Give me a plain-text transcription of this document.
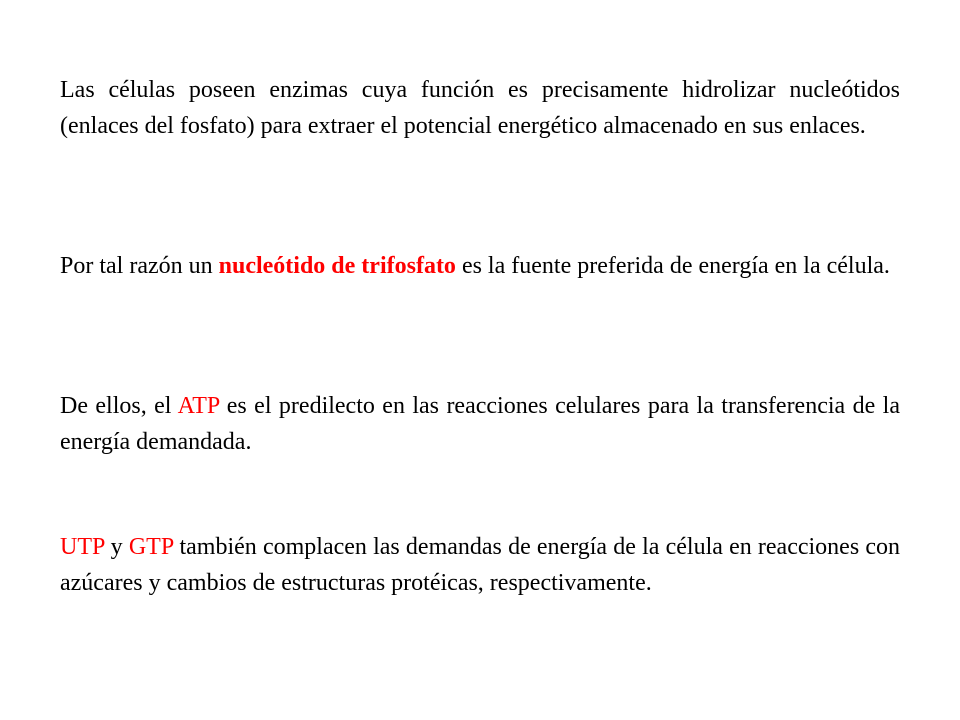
Las células poseen enzimas cuya función es precisamente hidrolizar nucleótidos (enlaces del fosfato) para extraer el potencial energético almacenado en sus enlaces.

Por tal razón un nucleótido de trifosfato es la fuente preferida de energía en la célula.

De ellos, el ATP es el predilecto en las reacciones celulares para la transferencia de la energía demandada.

UTP y GTP también complacen las demandas de energía de la célula en reacciones con azúcares y cambios de estructuras protéicas, respectivamente.
